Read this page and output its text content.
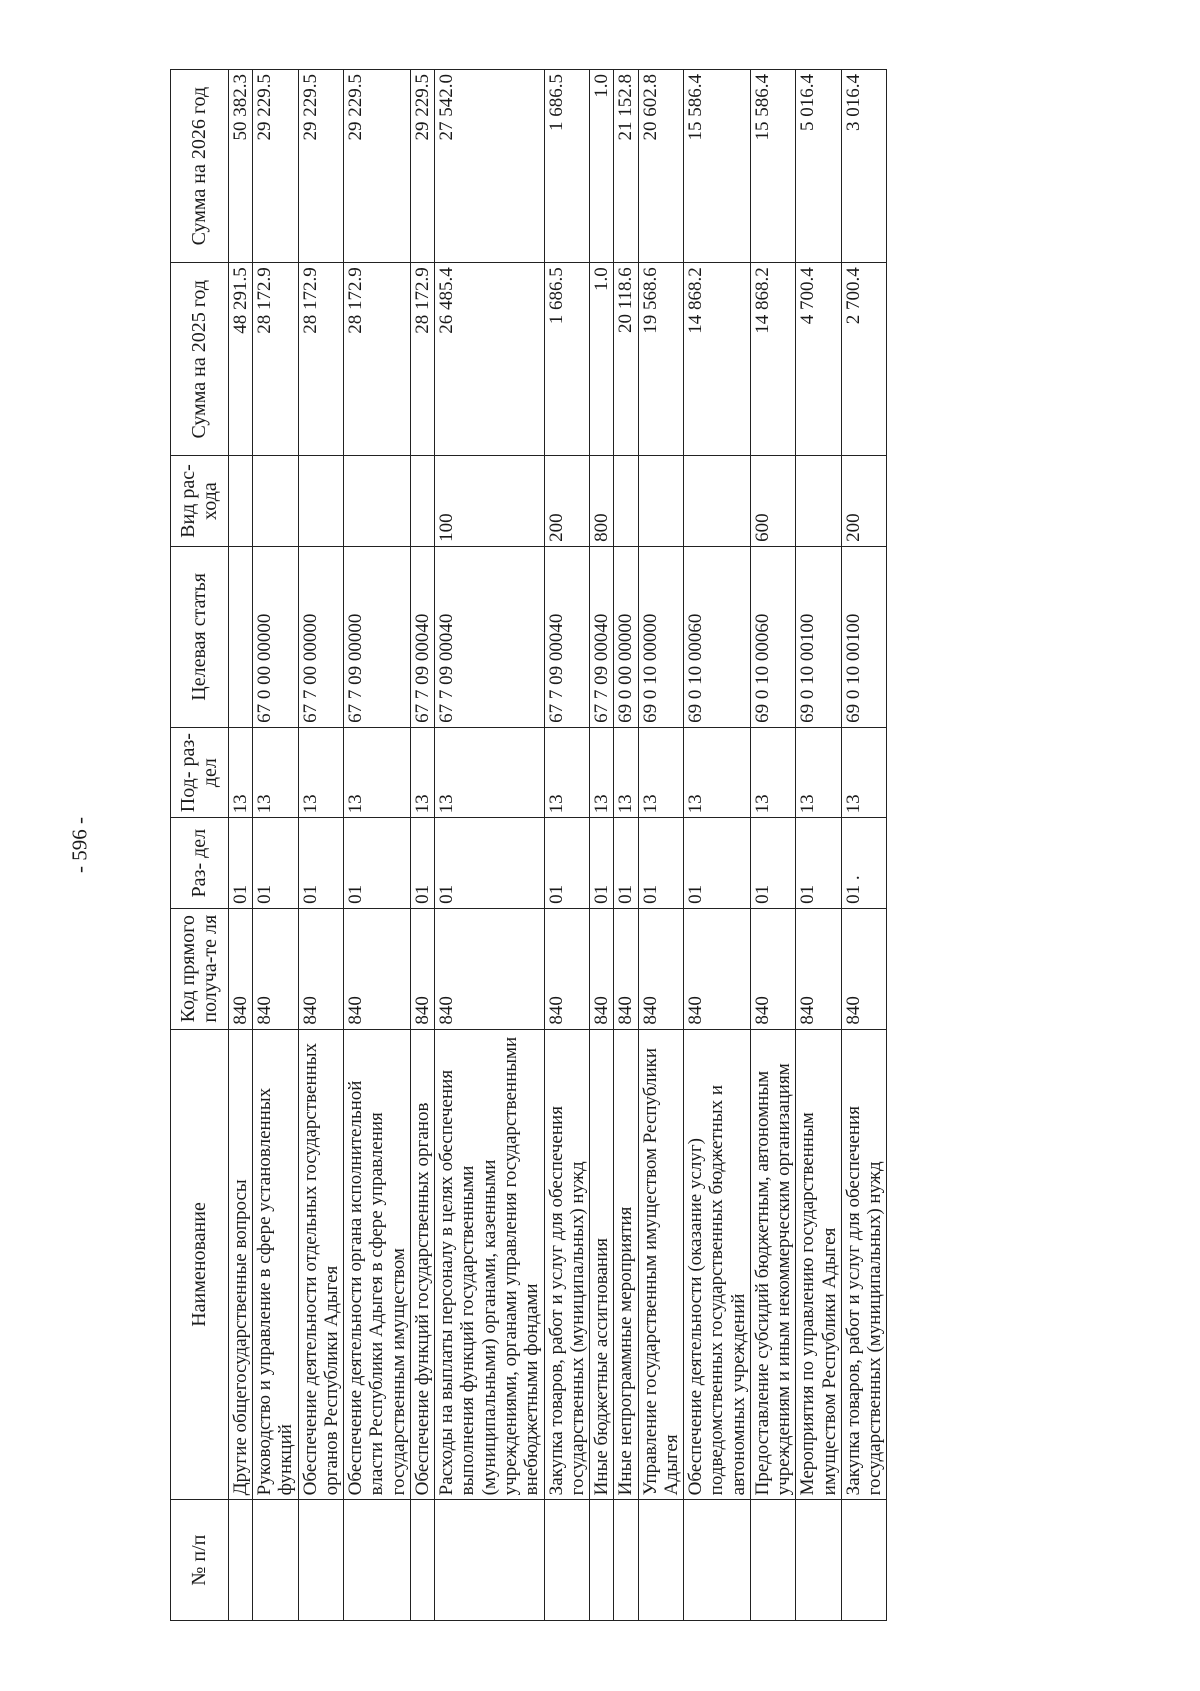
- 596 -
№ п/п	Наименование	Код прямого получа-те ля	Раз- дел	Под- раз- дел	Целевая статья	Вид рас- хода	Сумма на 2025 год	Сумма на 2026 год
	Другие общегосударственные вопросы	840	01	13			48 291.5	50 382.3
	Руководство и управление в сфере установленных функций	840	01	13	67 0 00 00000		28 172.9	29 229.5
	Обеспечение деятельности отдельных государственных органов Республики Адыгея	840	01	13	67 7 00 00000		28 172.9	29 229.5
	Обеспечение деятельности органа исполнительной власти Республики Адыгея в сфере управления государственным имуществом	840	01	13	67 7 09 00000		28 172.9	29 229.5
	Обеспечение функций государственных органов	840	01	13	67 7 09 00040		28 172.9	29 229.5
	Расходы на выплаты персоналу в целях обеспечения выполнения функций государственными (муниципальными) органами, казенными учреждениями, органами управления государственными внебюджетными фондами	840	01	13	67 7 09 00040	100	26 485.4	27 542.0
	Закупка товаров, работ и услуг для обеспечения государственных (муниципальных) нужд	840	01	13	67 7 09 00040	200	1 686.5	1 686.5
	Иные бюджетные ассигнования	840	01	13	67 7 09 00040	800	1.0	1.0
	Иные непрограммные мероприятия	840	01	13	69 0 00 00000		20 118.6	21 152.8
	Управление государственным имуществом Республики Адыгея	840	01	13	69 0 10 00000		19 568.6	20 602.8
	Обеспечение деятельности (оказание услуг) подведомственных государственных бюджетных и автономных учреждений	840	01	13	69 0 10 00060		14 868.2	15 586.4
	Предоставление субсидий бюджетным, автономным учреждениям и иным некоммерческим организациям	840	01	13	69 0 10 00060	600	14 868.2	15 586.4
	Мероприятия по управлению государственным имуществом Республики Адыгея	840	01	13	69 0 10 00100		4 700.4	5 016.4
	Закупка товаров, работ и услуг для обеспечения государственных (муниципальных) нужд	840	01 .	13	69 0 10 00100	200	2 700.4	3 016.4
